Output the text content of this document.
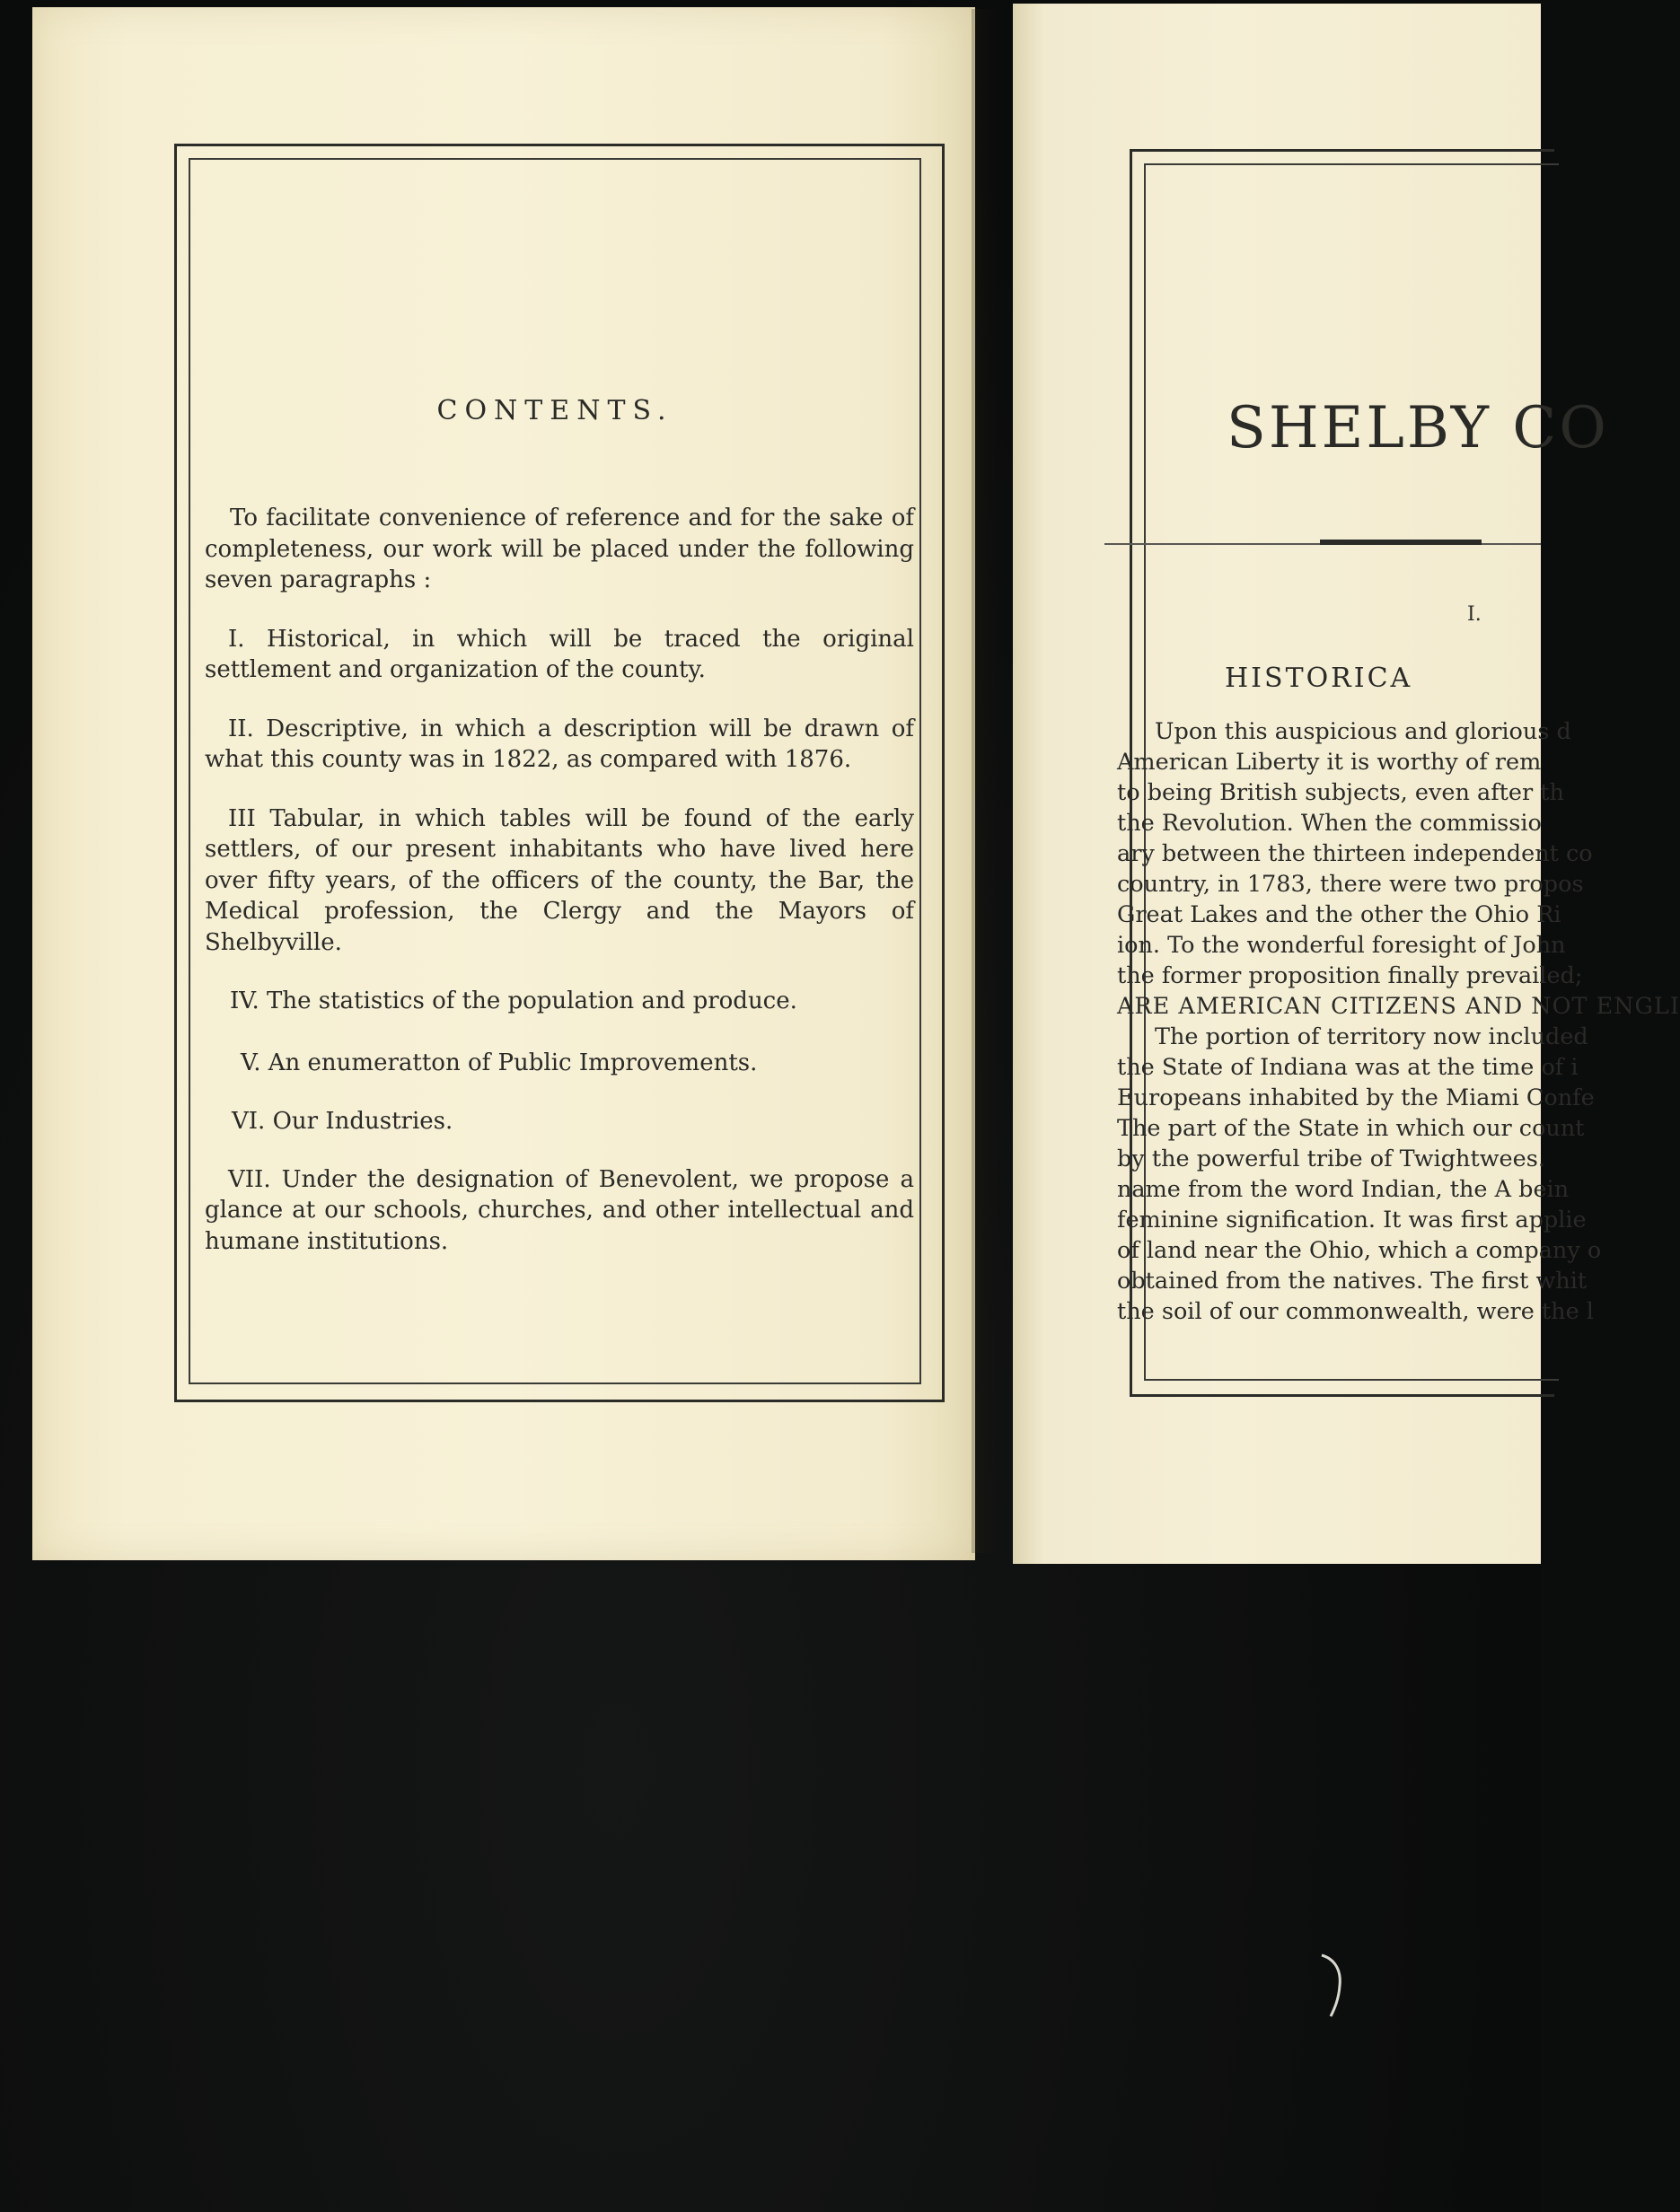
CONTENTS.

To facilitate convenience of reference and for the sake of completeness, our work will be placed under the following seven paragraphs :

I. Historical, in which will be traced the original settlement and organization of the county.

II. Descriptive, in which a description will be drawn of what this county was in 1822, as compared with 1876.

III Tabular, in which tables will be found of the early settlers, of our present inhabitants who have lived here over fifty years, of the officers of the county, the Bar, the Medical profession, the Clergy and the Mayors of Shelbyville.

IV. The statistics of the population and produce.

V. An enumeratton of Public Improvements.

VI. Our Industries.

VII. Under the designation of Benevolent, we propose a glance at our schools, churches, and other intellectual and humane institutions.

SHELBY CO
I.
HISTORICA
Upon this auspicious and glorious d
American Liberty it is worthy of rem
to being British subjects, even after th
the Revolution. When the commissio
ary between the thirteen independent co
country, in 1783, there were two propos
Great Lakes and the other the Ohio Ri
ion. To the wonderful foresight of John
the former proposition finally prevailed;
ARE AMERICAN CITIZENS AND NOT ENGLI
The portion of territory now included
the State of Indiana was at the time of i
Europeans inhabited by the Miami Confe
The part of the State in which our count
by the powerful tribe of Twightwees.
name from the word Indian, the A bein
feminine signification. It was first applie
of land near the Ohio, which a company o
obtained from the natives. The first whit
the soil of our commonwealth, were the l
